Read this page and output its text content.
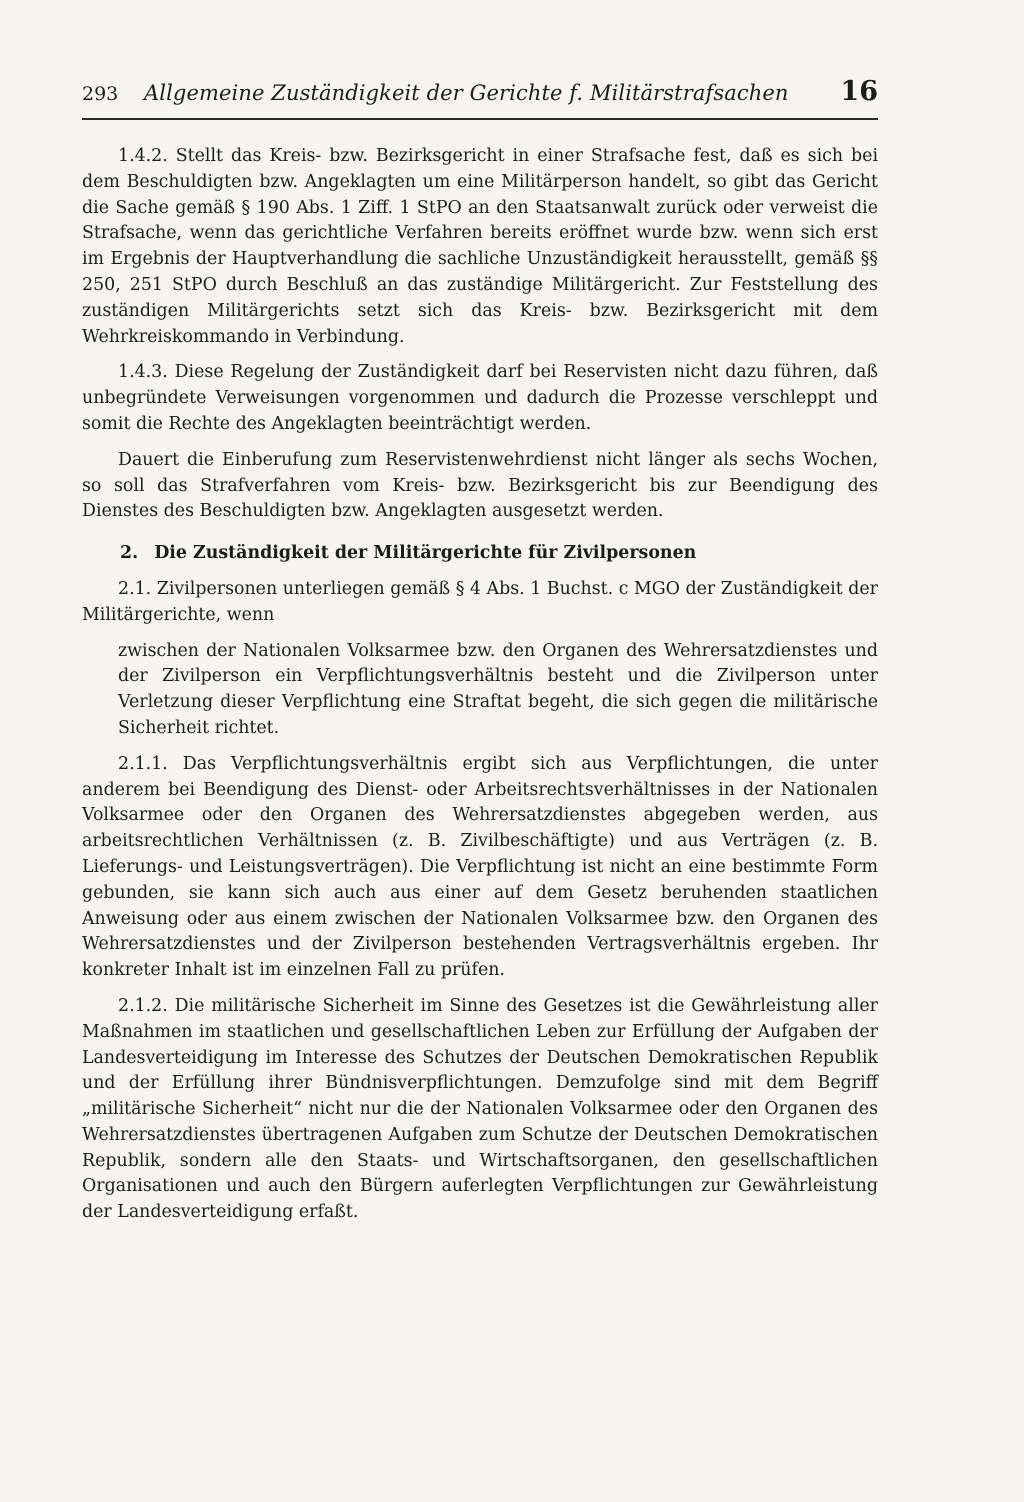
293	Allgemeine Zuständigkeit der Gerichte f. Militärstrafsachen	16

1.4.2. Stellt das Kreis- bzw. Bezirksgericht in einer Strafsache fest, daß es sich bei dem Beschuldigten bzw. Angeklagten um eine Militärperson handelt, so gibt das Gericht die Sache gemäß § 190 Abs. 1 Ziff. 1 StPO an den Staatsanwalt zurück oder verweist die Strafsache, wenn das gerichtliche Verfahren bereits eröffnet wurde bzw. wenn sich erst im Ergebnis der Hauptverhandlung die sachliche Unzuständigkeit herausstellt, gemäß §§ 250, 251 StPO durch Beschluß an das zuständige Militärgericht. Zur Feststellung des zuständigen Militärgerichts setzt sich das Kreis- bzw. Bezirksgericht mit dem Wehrkreiskommando in Verbindung.

1.4.3. Diese Regelung der Zuständigkeit darf bei Reservisten nicht dazu führen, daß unbegründete Verweisungen vorgenommen und dadurch die Prozesse verschleppt und somit die Rechte des Angeklagten beeinträchtigt werden.

Dauert die Einberufung zum Reservistenwehrdienst nicht länger als sechs Wochen, so soll das Strafverfahren vom Kreis- bzw. Bezirksgericht bis zur Beendigung des Dienstes des Beschuldigten bzw. Angeklagten ausgesetzt werden.

2. Die Zuständigkeit der Militärgerichte für Zivilpersonen

2.1. Zivilpersonen unterliegen gemäß § 4 Abs. 1 Buchst. c MGO der Zuständigkeit der Militärgerichte, wenn

zwischen der Nationalen Volksarmee bzw. den Organen des Wehrersatzdienstes und der Zivilperson ein Verpflichtungsverhältnis besteht und die Zivilperson unter Verletzung dieser Verpflichtung eine Straftat begeht, die sich gegen die militärische Sicherheit richtet.

2.1.1. Das Verpflichtungsverhältnis ergibt sich aus Verpflichtungen, die unter anderem bei Beendigung des Dienst- oder Arbeitsrechtsverhältnisses in der Nationalen Volksarmee oder den Organen des Wehrersatzdienstes abgegeben werden, aus arbeitsrechtlichen Verhältnissen (z. B. Zivilbeschäftigte) und aus Verträgen (z. B. Lieferungs- und Leistungsverträgen). Die Verpflichtung ist nicht an eine bestimmte Form gebunden, sie kann sich auch aus einer auf dem Gesetz beruhenden staatlichen Anweisung oder aus einem zwischen der Nationalen Volksarmee bzw. den Organen des Wehrersatzdienstes und der Zivilperson bestehenden Vertragsverhältnis ergeben. Ihr konkreter Inhalt ist im einzelnen Fall zu prüfen.

2.1.2. Die militärische Sicherheit im Sinne des Gesetzes ist die Gewährleistung aller Maßnahmen im staatlichen und gesellschaftlichen Leben zur Erfüllung der Aufgaben der Landesverteidigung im Interesse des Schutzes der Deutschen Demokratischen Republik und der Erfüllung ihrer Bündnisverpflichtungen. Demzufolge sind mit dem Begriff „militärische Sicherheit“ nicht nur die der Nationalen Volksarmee oder den Organen des Wehrersatzdienstes übertragenen Aufgaben zum Schutze der Deutschen Demokratischen Republik, sondern alle den Staats- und Wirtschaftsorganen, den gesellschaftlichen Organisationen und auch den Bürgern auferlegten Verpflichtungen zur Gewährleistung der Landesverteidigung erfaßt.
